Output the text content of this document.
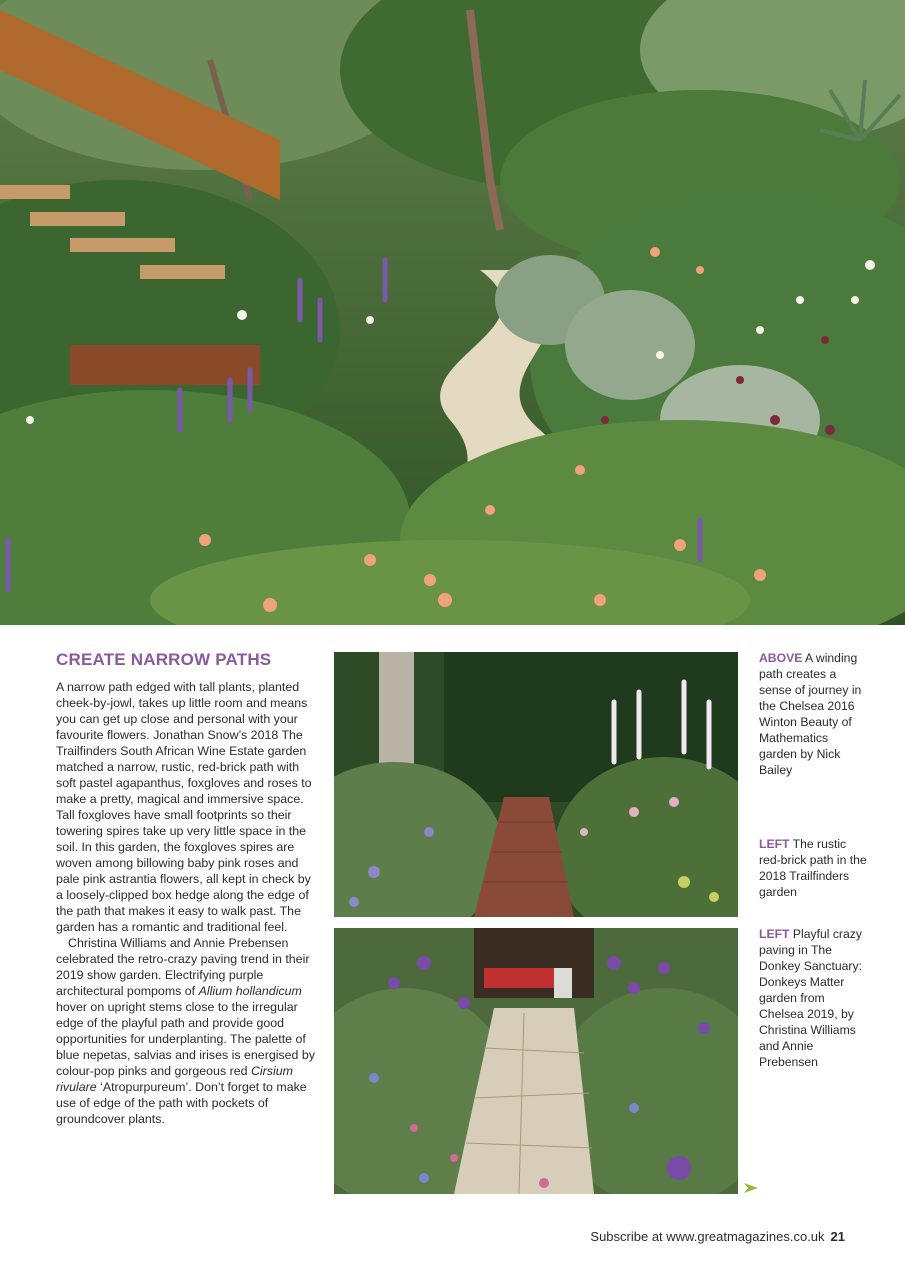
CREATE NARROW PATHS

A narrow path edged with tall plants, planted cheek-by-jowl, takes up little room and means you can get up close and personal with your favourite flowers. Jonathan Snow’s 2018 The Trailfinders South African Wine Estate garden matched a narrow, rustic, red-brick path with soft pastel agapanthus, foxgloves and roses to make a pretty, magical and immersive space. Tall foxgloves have small footprints so their towering spires take up very little space in the soil. In this garden, the foxgloves spires are woven among billowing baby pink roses and pale pink astrantia flowers, all kept in check by a loosely-clipped box hedge along the edge of the path that makes it easy to walk past. The garden has a romantic and traditional feel.

Christina Williams and Annie Prebensen celebrated the retro-crazy paving trend in their 2019 show garden. Electrifying purple architectural pompoms of Allium hollandicum hover on upright stems close to the irregular edge of the playful path and provide good opportunities for underplanting. The palette of blue nepetas, salvias and irises is energised by colour-pop pinks and gorgeous red Cirsium rivulare ‘Atropurpureum’. Don’t forget to make use of edge of the path with pockets of groundcover plants.

ABOVE A winding path creates a sense of journey in the Chelsea 2016 Winton Beauty of Mathematics garden by Nick Bailey
LEFT The rustic red-brick path in the 2018 Trailfinders garden
LEFT Playful crazy paving in The Donkey Sanctuary: Donkeys Matter garden from Chelsea 2019, by Christina Williams and Annie Prebensen
Subscribe at www.greatmagazines.co.uk 21
